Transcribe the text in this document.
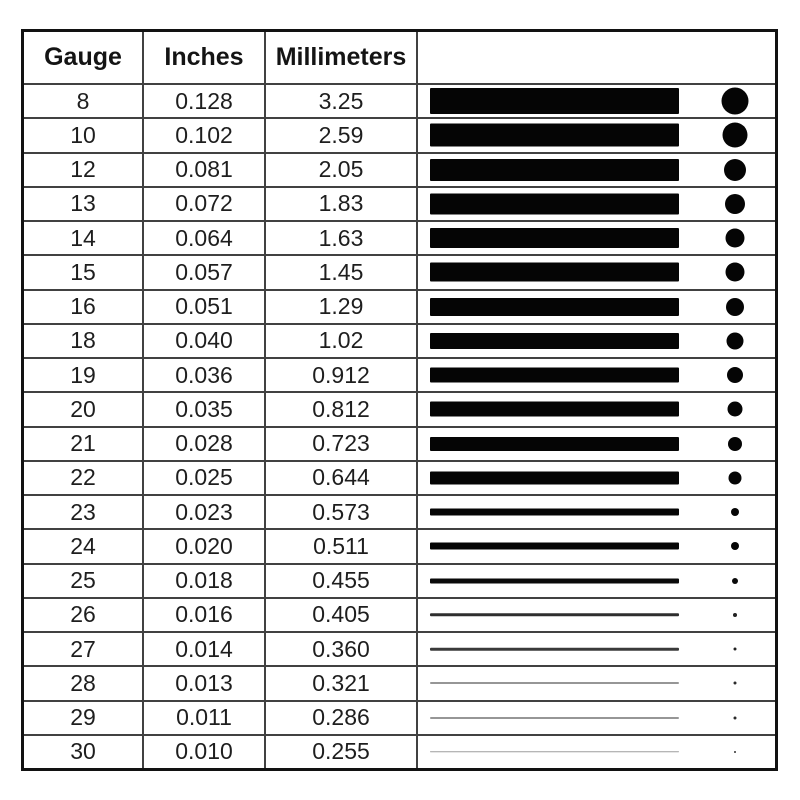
Gauge	Inches	Millimeters
8	0.128	3.25
10	0.102	2.59
12	0.081	2.05
13	0.072	1.83
14	0.064	1.63
15	0.057	1.45
16	0.051	1.29
18	0.040	1.02
19	0.036	0.912
20	0.035	0.812
21	0.028	0.723
22	0.025	0.644
23	0.023	0.573
24	0.020	0.511
25	0.018	0.455
26	0.016	0.405
27	0.014	0.360
28	0.013	0.321
29	0.011	0.286
30	0.010	0.255
